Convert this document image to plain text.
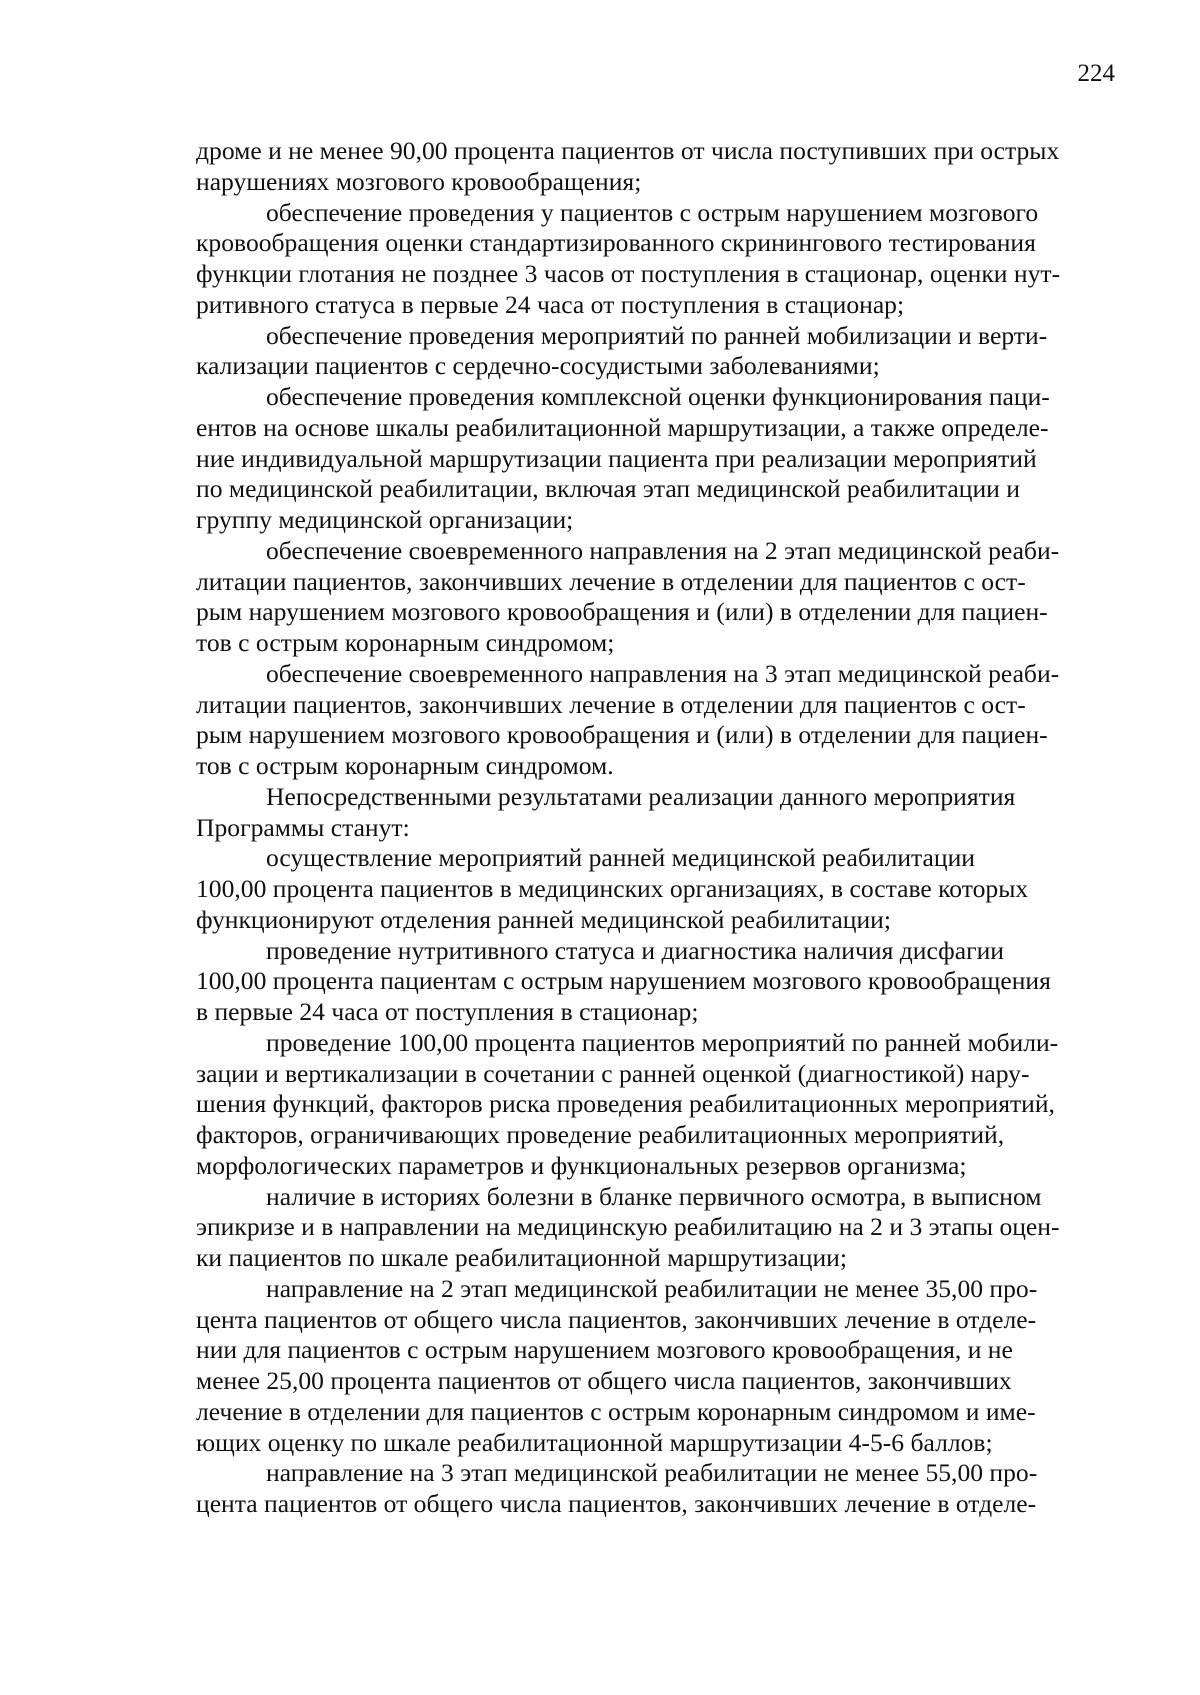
224

дроме и не менее 90,00 процента пациентов от числа поступивших при острых
нарушениях мозгового кровообращения;

обеспечение проведения у пациентов с острым нарушением мозгового
кровообращения оценки стандартизированного скринингового тестирования
функции глотания не позднее 3 часов от поступления в стационар, оценки нут-
ритивного статуса в первые 24 часа от поступления в стационар;

обеспечение проведения мероприятий по ранней мобилизации и верти-
кализации пациентов с сердечно-сосудистыми заболеваниями;

обеспечение проведения комплексной оценки функционирования паци-
ентов на основе шкалы реабилитационной маршрутизации, а также определе-
ние индивидуальной маршрутизации пациента при реализации мероприятий
по медицинской реабилитации, включая этап медицинской реабилитации и
группу медицинской организации;

обеспечение своевременного направления на 2 этап медицинской реаби-
литации пациентов, закончивших лечение в отделении для пациентов с ост-
рым нарушением мозгового кровообращения и (или) в отделении для пациен-
тов с острым коронарным синдромом;

обеспечение своевременного направления на 3 этап медицинской реаби-
литации пациентов, закончивших лечение в отделении для пациентов с ост-
рым нарушением мозгового кровообращения и (или) в отделении для пациен-
тов с острым коронарным синдромом.

Непосредственными результатами реализации данного мероприятия
Программы станут:

осуществление мероприятий ранней медицинской реабилитации
100,00 процента пациентов в медицинских организациях, в составе которых
функционируют отделения ранней медицинской реабилитации;

проведение нутритивного статуса и диагностика наличия дисфагии
100,00 процента пациентам с острым нарушением мозгового кровообращения
в первые 24 часа от поступления в стационар;

проведение 100,00 процента пациентов мероприятий по ранней мобили-
зации и вертикализации в сочетании с ранней оценкой (диагностикой) нару-
шения функций, факторов риска проведения реабилитационных мероприятий,
факторов, ограничивающих проведение реабилитационных мероприятий,
морфологических параметров и функциональных резервов организма;

наличие в историях болезни в бланке первичного осмотра, в выписном
эпикризе и в направлении на медицинскую реабилитацию на 2 и 3 этапы оцен-
ки пациентов по шкале реабилитационной маршрутизации;

направление на 2 этап медицинской реабилитации не менее 35,00 про-
цента пациентов от общего числа пациентов, закончивших лечение в отделе-
нии для пациентов с острым нарушением мозгового кровообращения, и не
менее 25,00 процента пациентов от общего числа пациентов, закончивших
лечение в отделении для пациентов с острым коронарным синдромом и име-
ющих оценку по шкале реабилитационной маршрутизации 4-5-6 баллов;

направление на 3 этап медицинской реабилитации не менее 55,00 про-
цента пациентов от общего числа пациентов, закончивших лечение в отделе-
